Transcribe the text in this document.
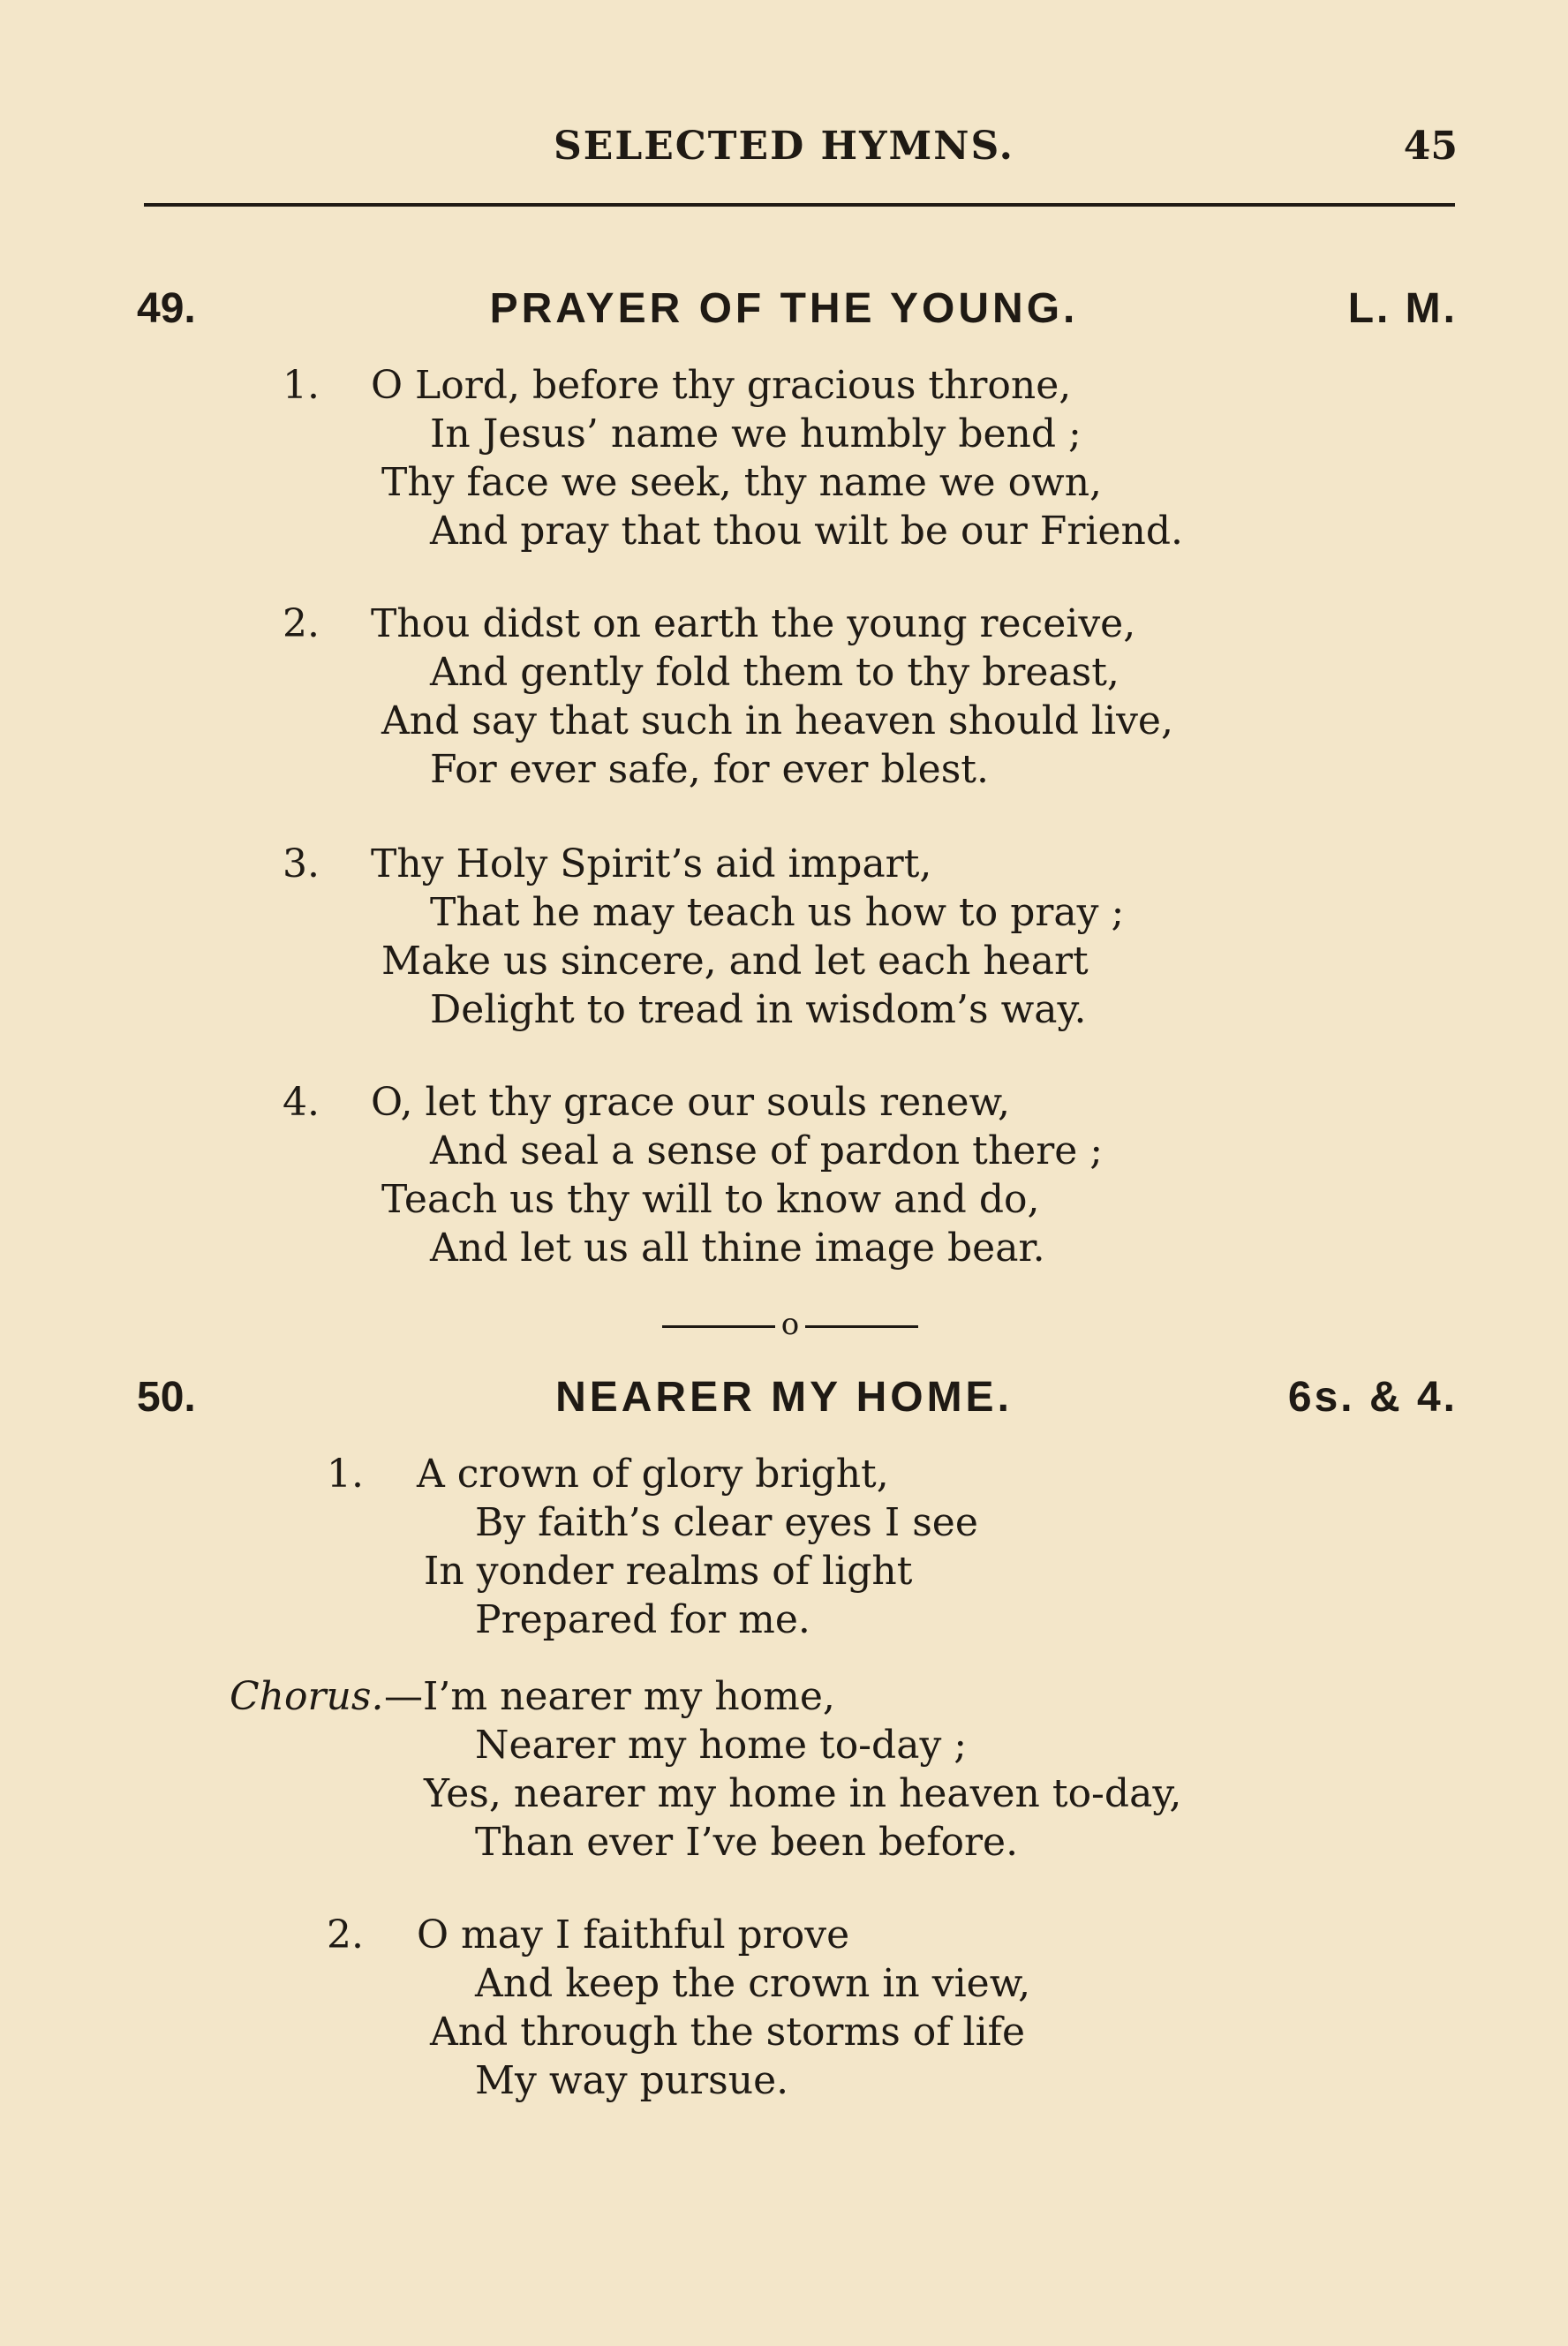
SELECTED HYMNS.	45
49.	PRAYER OF THE YOUNG.	L. M.
1. O Lord, before thy gracious throne,
In Jesus’ name we humbly bend ;
Thy face we seek, thy name we own,
And pray that thou wilt be our Friend.
2. Thou didst on earth the young receive,
And gently fold them to thy breast,
And say that such in heaven should live,
For ever safe, for ever blest.
3. Thy Holy Spirit’s aid impart,
That he may teach us how to pray ;
Make us sincere, and let each heart
Delight to tread in wisdom’s way.
4. O, let thy grace our souls renew,
And seal a sense of pardon there ;
Teach us thy will to know and do,
And let us all thine image bear.
o
50.	NEARER MY HOME.	6s. & 4.
1. A crown of glory bright,
By faith’s clear eyes I see
In yonder realms of light
Prepared for me.
Chorus. —I’m nearer my home,
Nearer my home to-day ;
Yes, nearer my home in heaven to-day,
Than ever I’ve been before.
2. O may I faithful prove
And keep the crown in view,
And through the storms of life
My way pursue.
